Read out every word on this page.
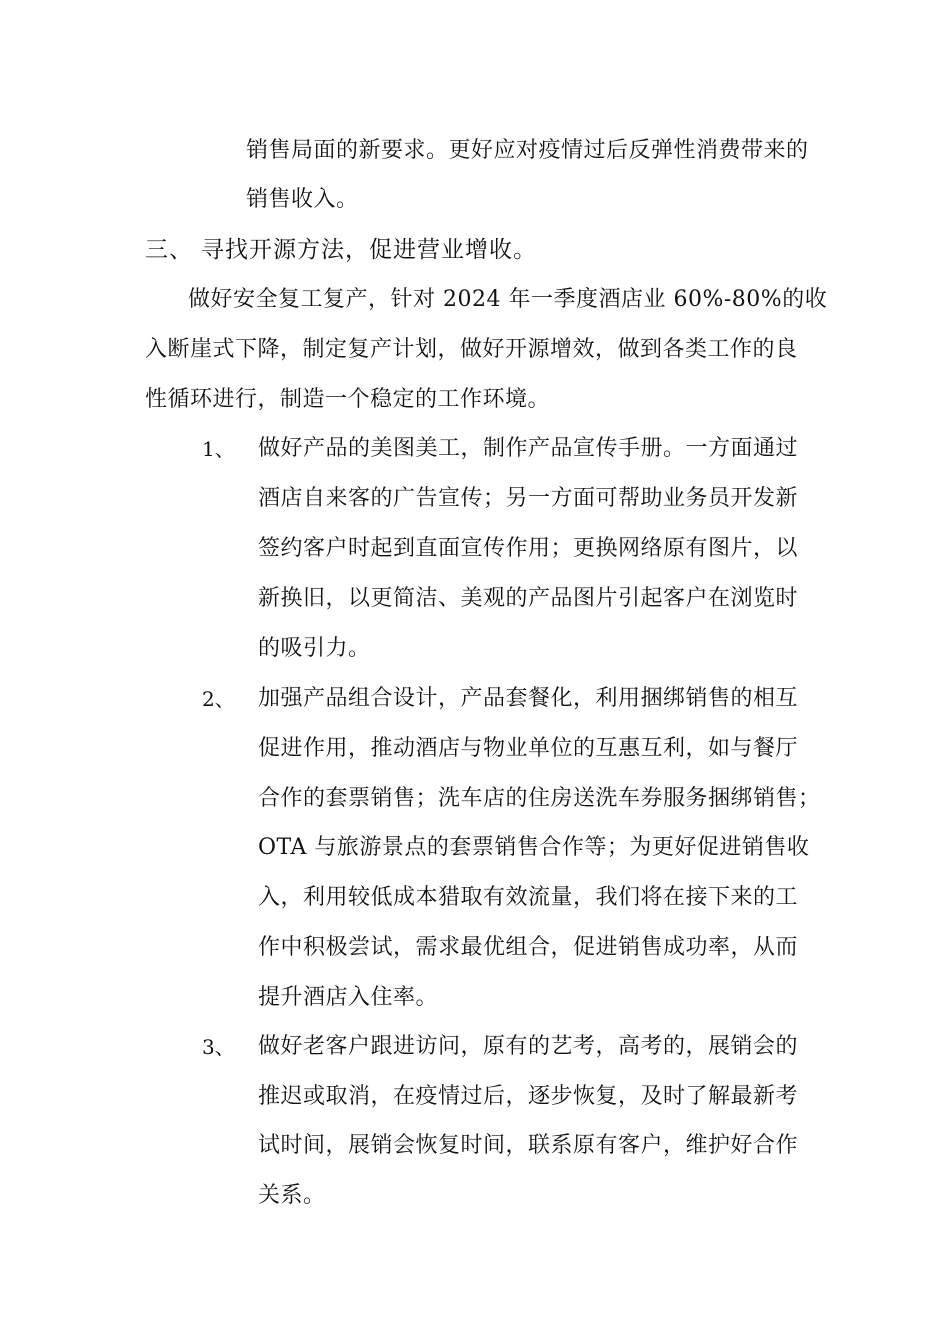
销售局面的新要求。更好应对疫情过后反弹性消费带来的
销售收入。
三、 寻找开源方法，促进营业增收。
做好安全复工复产，针对 2024 年一季度酒店业 60%-80%的收
入断崖式下降，制定复产计划，做好开源增效，做到各类工作的良
性循环进行，制造一个稳定的工作环境。
1、 做好产品的美图美工，制作产品宣传手册。一方面通过
酒店自来客的广告宣传；另一方面可帮助业务员开发新
签约客户时起到直面宣传作用；更换网络原有图片，以
新换旧，以更简洁、美观的产品图片引起客户在浏览时
的吸引力。
2、 加强产品组合设计，产品套餐化，利用捆绑销售的相互
促进作用，推动酒店与物业单位的互惠互利，如与餐厅
合作的套票销售；洗车店的住房送洗车券服务捆绑销售；
OTA 与旅游景点的套票销售合作等；为更好促进销售收
入，利用较低成本猎取有效流量，我们将在接下来的工
作中积极尝试，需求最优组合，促进销售成功率，从而
提升酒店入住率。
3、 做好老客户跟进访问，原有的艺考，高考的，展销会的
推迟或取消，在疫情过后，逐步恢复，及时了解最新考
试时间，展销会恢复时间，联系原有客户，维护好合作
关系。
